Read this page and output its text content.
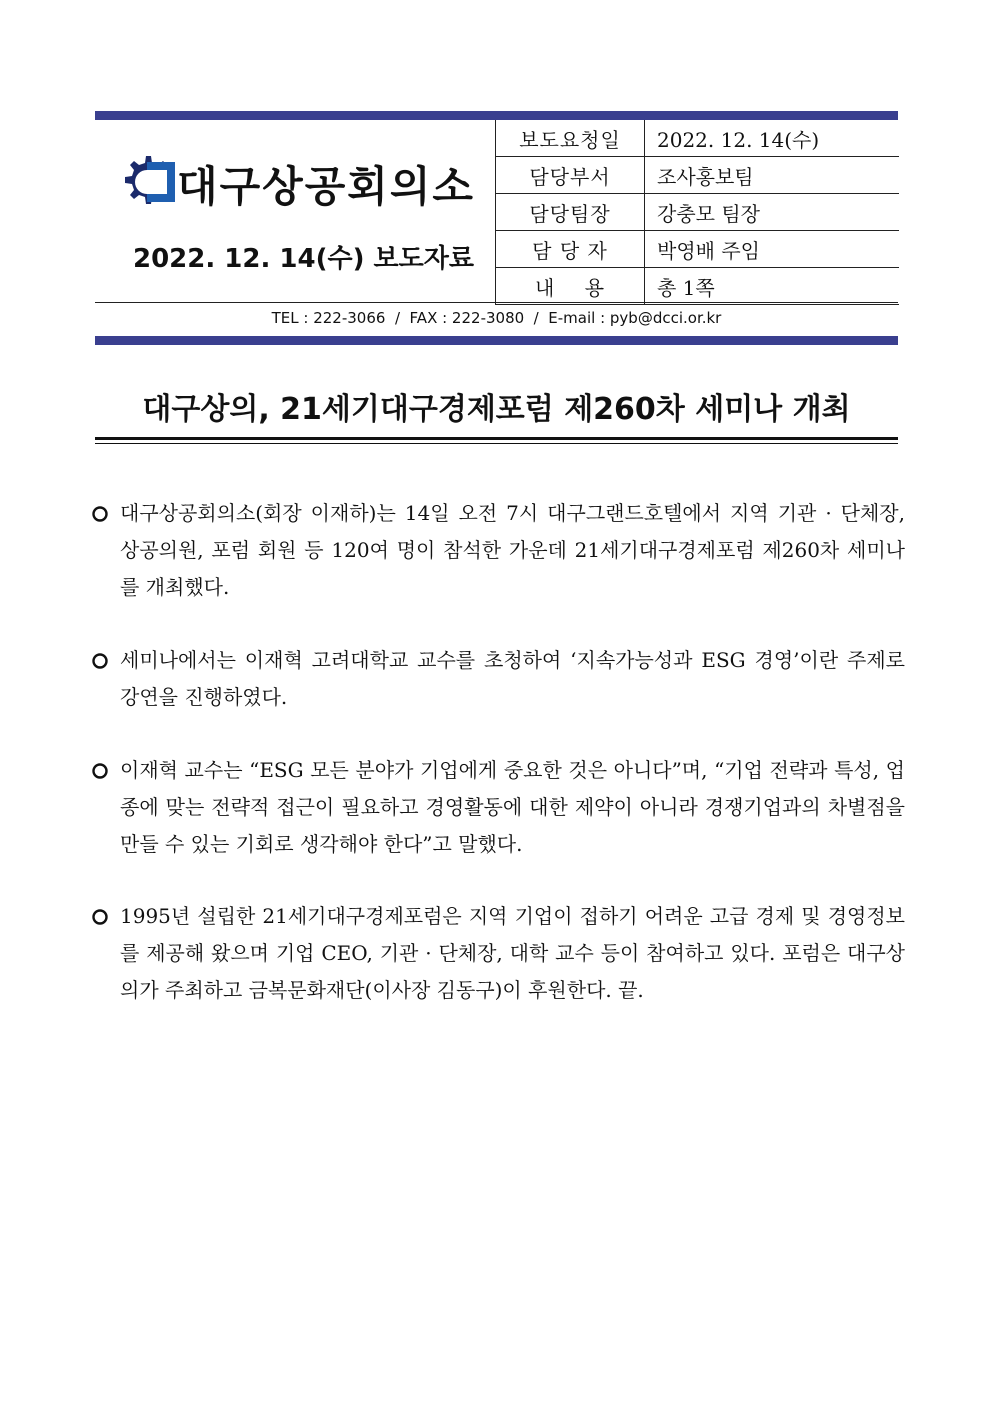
대구상공회의소
2022. 12. 14(수) 보도자료
보도요청일	2022. 12. 14(수)
담당부서	조사홍보팀
담당팀장	강충모 팀장
담 당 자	박영배 주임
내    용	총 1쪽
TEL : 222-3066  /  FAX : 222-3080  /  E-mail : pyb@dcci.or.kr
대구상의, 21세기대구경제포럼 제260차 세미나 개최
대구상공회의소(회장 이재하)는 14일 오전 7시 대구그랜드호텔에서 지역 기관 · 단체장, 상공의원, 포럼 회원 등 120여 명이 참석한 가운데 21세기대구경제포럼 제260차 세미나를 개최했다.
세미나에서는 이재혁 고려대학교 교수를 초청하여 ‘지속가능성과 ESG 경영’이란 주제로 강연을 진행하였다.
이재혁 교수는 “ESG 모든 분야가 기업에게 중요한 것은 아니다”며, “기업 전략과 특성, 업종에 맞는 전략적 접근이 필요하고 경영활동에 대한 제약이 아니라 경쟁기업과의 차별점을 만들 수 있는 기회로 생각해야 한다”고 말했다.
1995년 설립한 21세기대구경제포럼은 지역 기업이 접하기 어려운 고급 경제 및 경영정보를 제공해 왔으며 기업 CEO, 기관 · 단체장, 대학 교수 등이 참여하고 있다. 포럼은 대구상의가 주최하고 금복문화재단(이사장 김동구)이 후원한다. 끝.
